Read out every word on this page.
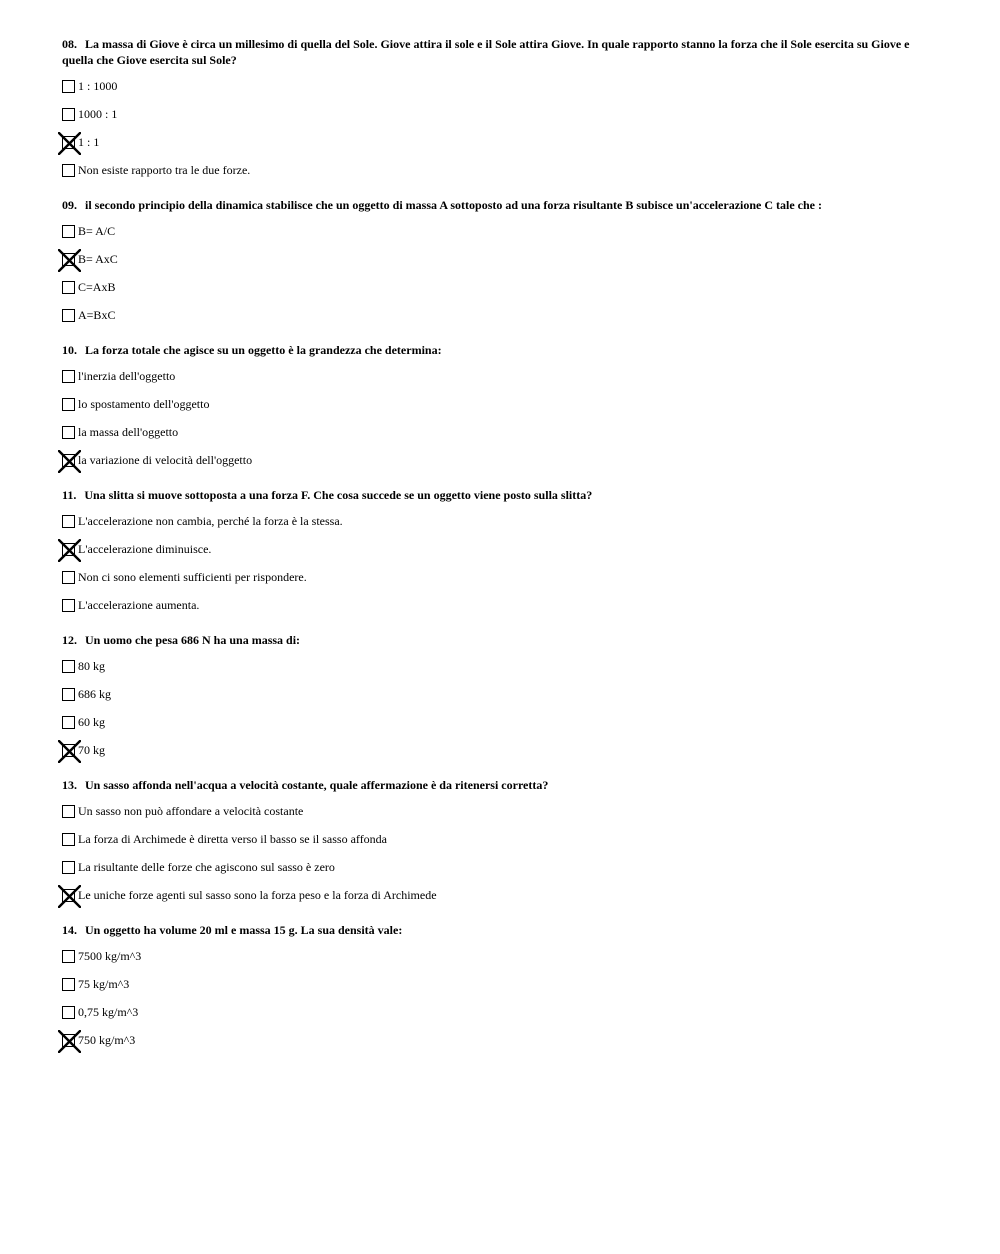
08. La massa di Giove è circa un millesimo di quella del Sole. Giove attira il sole e il Sole attira Giove. In quale rapporto stanno la forza che il Sole esercita su Giove e quella che Giove esercita sul Sole?
1 : 1000
1000 : 1
1 : 1
Non esiste rapporto tra le due forze.
09. il secondo principio della dinamica stabilisce che un oggetto di massa A sottoposto ad una forza risultante B subisce un'accelerazione C tale che :
B= A/C
B= AxC
C=AxB
A=BxC
10. La forza totale che agisce su un oggetto è la grandezza che determina:
l'inerzia dell'oggetto
lo spostamento dell'oggetto
la massa dell'oggetto
la variazione di velocità dell'oggetto
11. Una slitta si muove sottoposta a una forza F. Che cosa succede se un oggetto viene posto sulla slitta?
L'accelerazione non cambia, perché la forza è la stessa.
L'accelerazione diminuisce.
Non ci sono elementi sufficienti per rispondere.
L'accelerazione aumenta.
12. Un uomo che pesa 686 N ha una massa di:
80 kg
686 kg
60 kg
70 kg
13. Un sasso affonda nell'acqua a velocità costante, quale affermazione è da ritenersi corretta?
Un sasso non può affondare a velocità costante
La forza di Archimede è diretta verso il basso se il sasso affonda
La risultante delle forze che agiscono sul sasso è zero
Le uniche forze agenti sul sasso sono la forza peso e la forza di Archimede
14. Un oggetto ha volume 20 ml e massa 15 g. La sua densità vale:
7500 kg/m^3
75 kg/m^3
0,75 kg/m^3
750 kg/m^3
